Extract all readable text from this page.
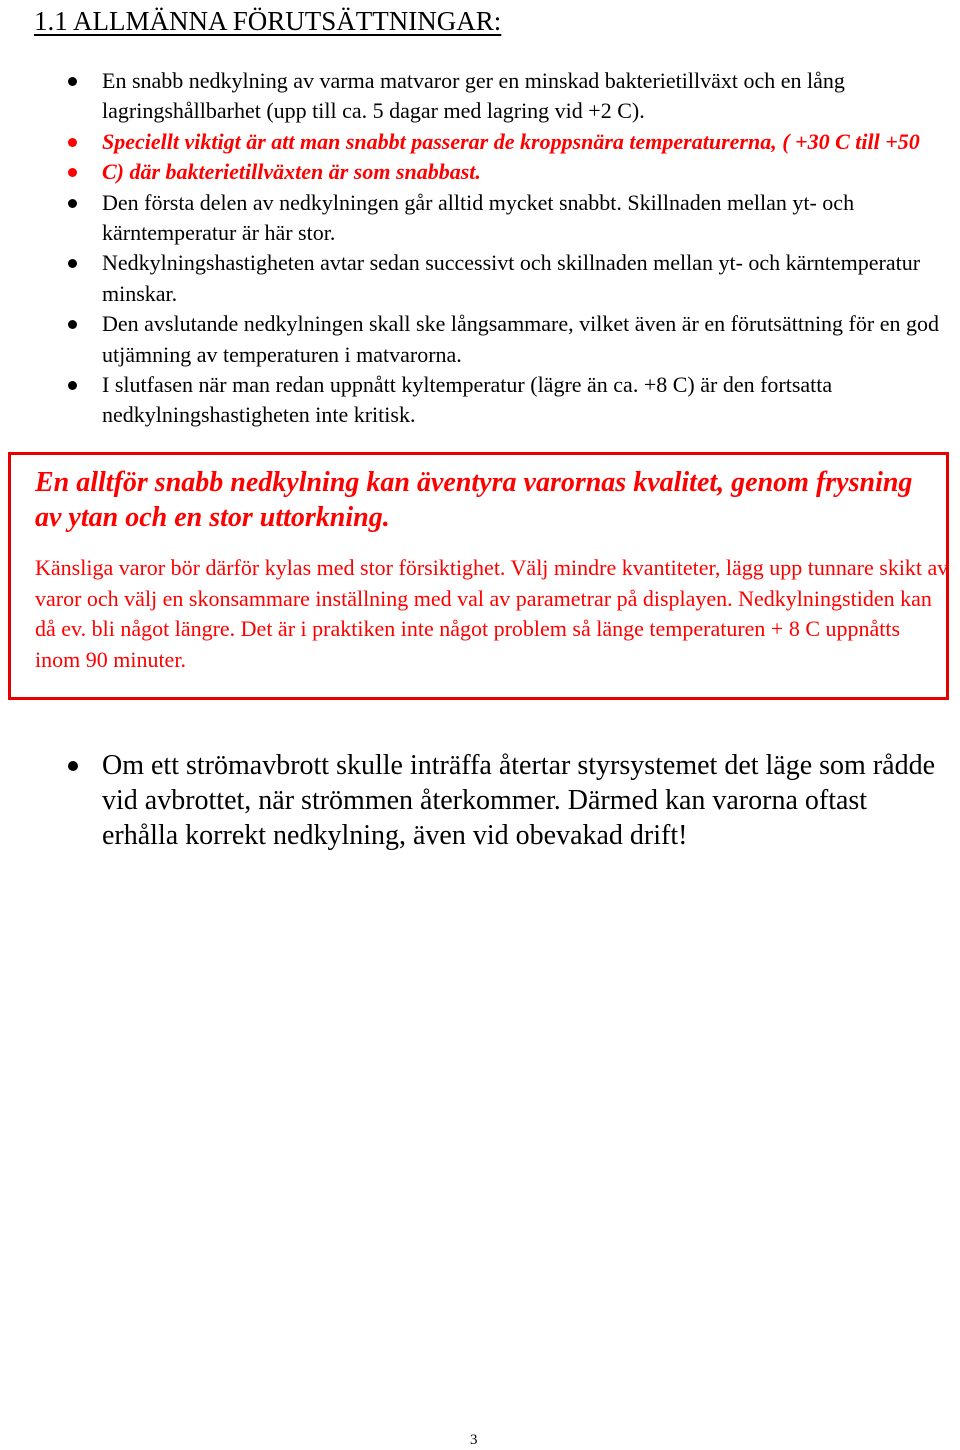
1.1 ALLMÄNNA FÖRUTSÄTTNINGAR:
En snabb nedkylning av varma matvaror ger en minskad bakterietillväxt och en lång lagringshållbarhet (upp till ca. 5 dagar med lagring vid +2 C).
Speciellt viktigt är att man snabbt passerar de kroppsnära temperaturerna, ( +30 C till +50 C) där bakterietillväxten är som snabbast.
Den första delen av nedkylningen går alltid mycket snabbt. Skillnaden mellan yt- och kärntemperatur är här stor.
Nedkylningshastigheten avtar sedan successivt och skillnaden mellan yt- och kärntemperatur minskar.
Den avslutande nedkylningen skall ske långsammare, vilket även är en förutsättning för en god utjämning av temperaturen i matvarorna.
I slutfasen när man redan uppnått kyltemperatur (lägre än ca. +8 C) är den fortsatta nedkylningshastigheten inte kritisk.

En alltför snabb nedkylning kan äventyra varornas kvalitet, genom frysning av ytan och en stor uttorkning.

Känsliga varor bör därför kylas med stor försiktighet. Välj mindre kvantiteter, lägg upp tunnare skikt av varor och välj en skonsammare inställning med val av parametrar på displayen. Nedkylningstiden kan då ev. bli något längre. Det är i praktiken inte något problem så länge temperaturen + 8 C uppnåtts inom 90 minuter.

Om ett strömavbrott skulle inträffa återtar styrsystemet det läge som rådde vid avbrottet, när strömmen återkommer. Därmed kan varorna oftast erhålla korrekt nedkylning, även vid obevakad drift!
3
